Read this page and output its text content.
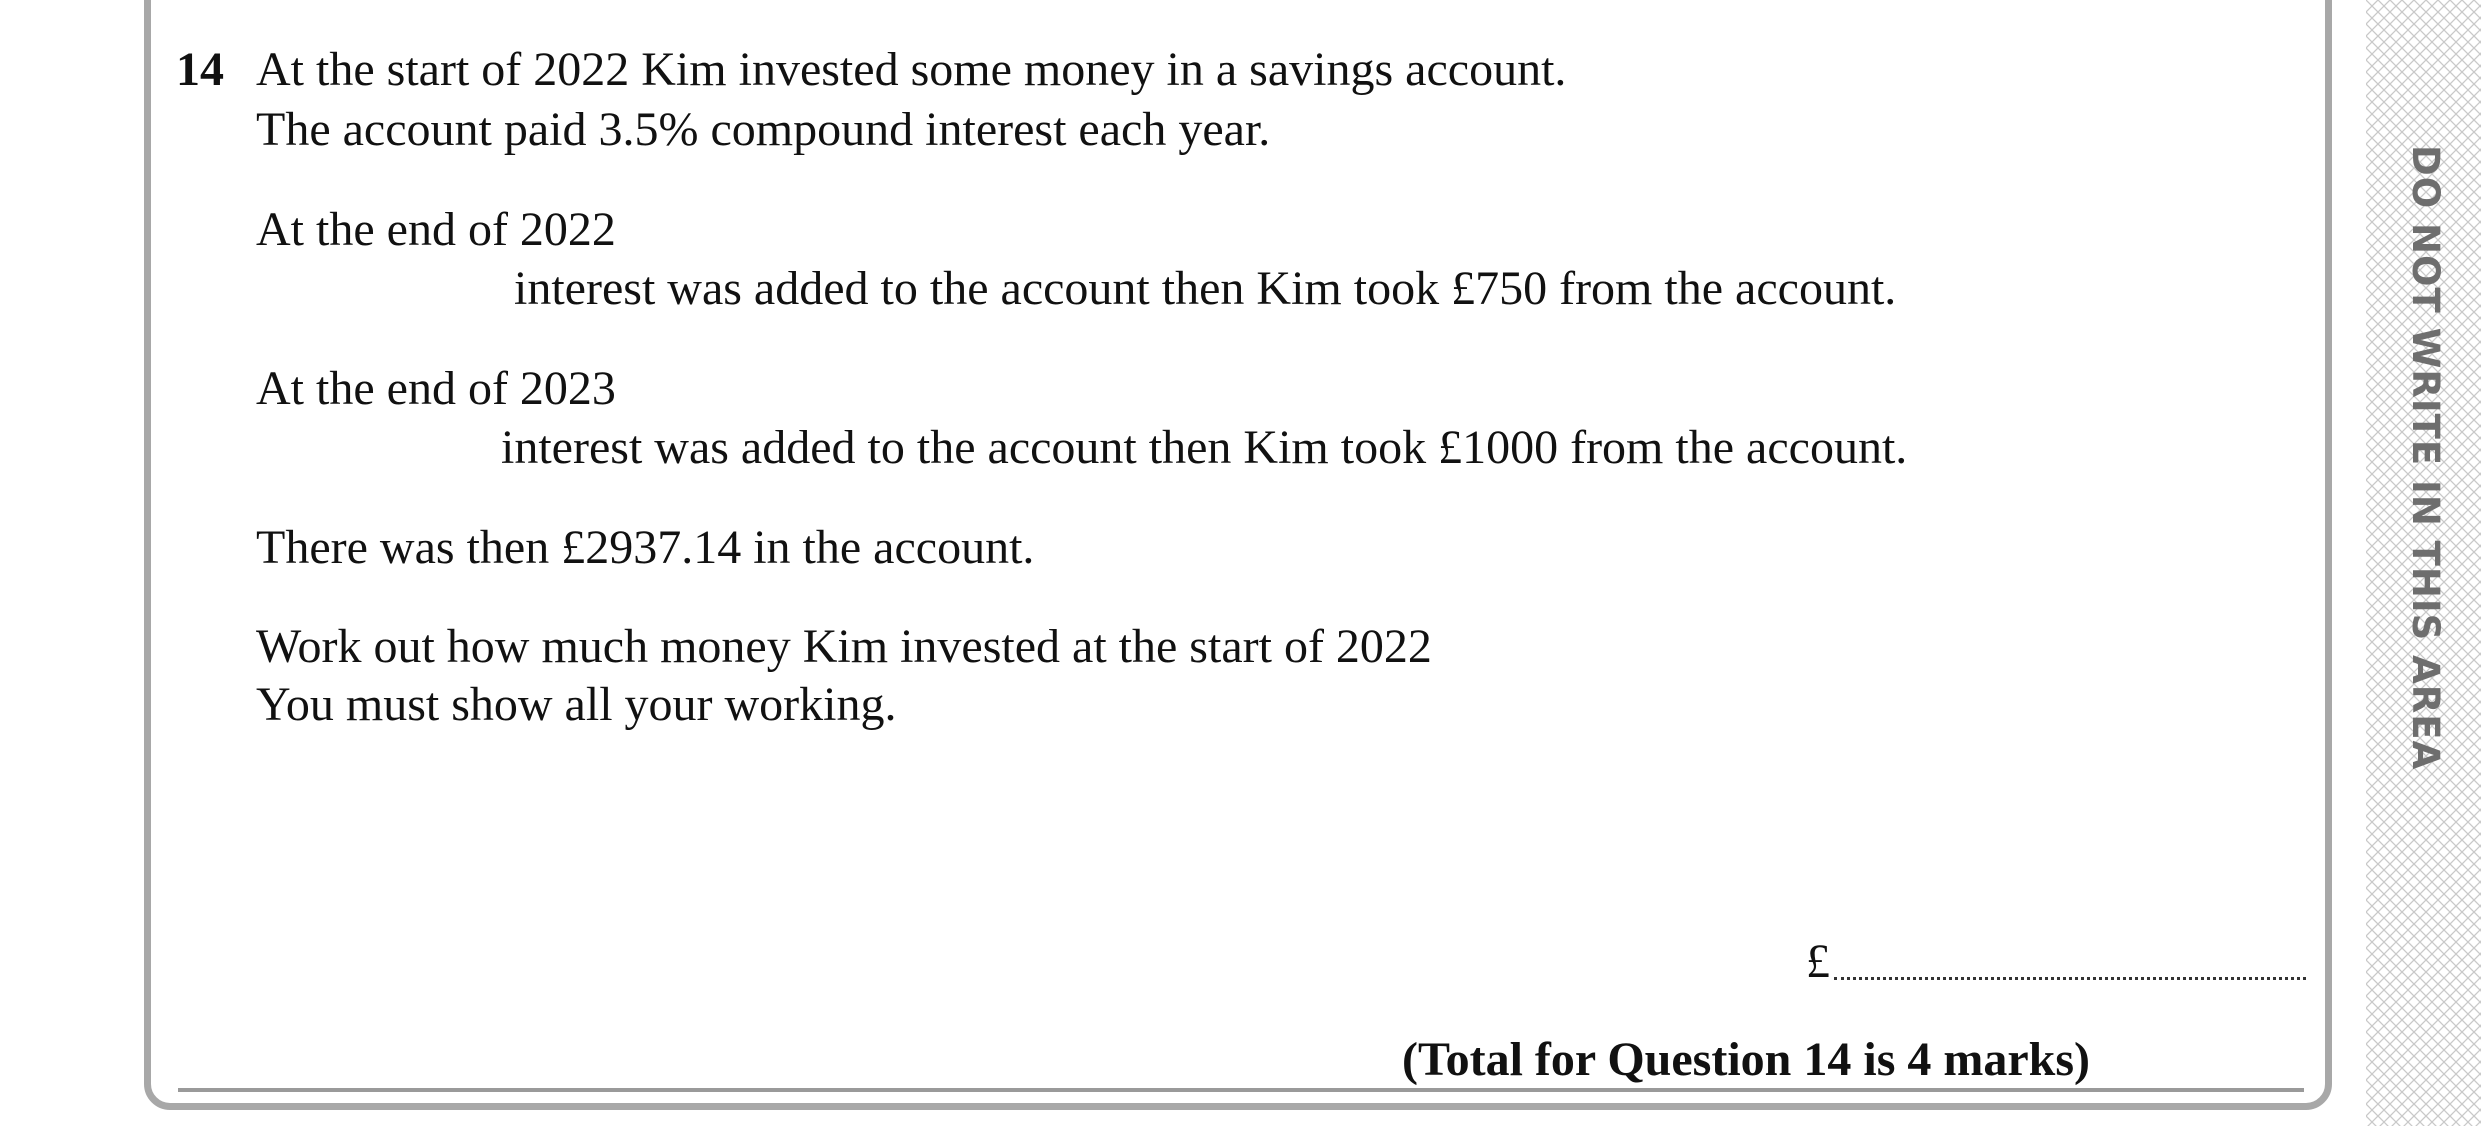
14 At the start of 2022 Kim invested some money in a savings account.
The account paid 3.5% compound interest each year.
At the end of 2022
interest was added to the account then Kim took £750 from the account.
At the end of 2023
interest was added to the account then Kim took £1000 from the account.
There was then £2937.14 in the account.
Work out how much money Kim invested at the start of 2022
You must show all your working.
£
(Total for Question 14 is 4 marks)
DO NOT WRITE IN THIS AREA
